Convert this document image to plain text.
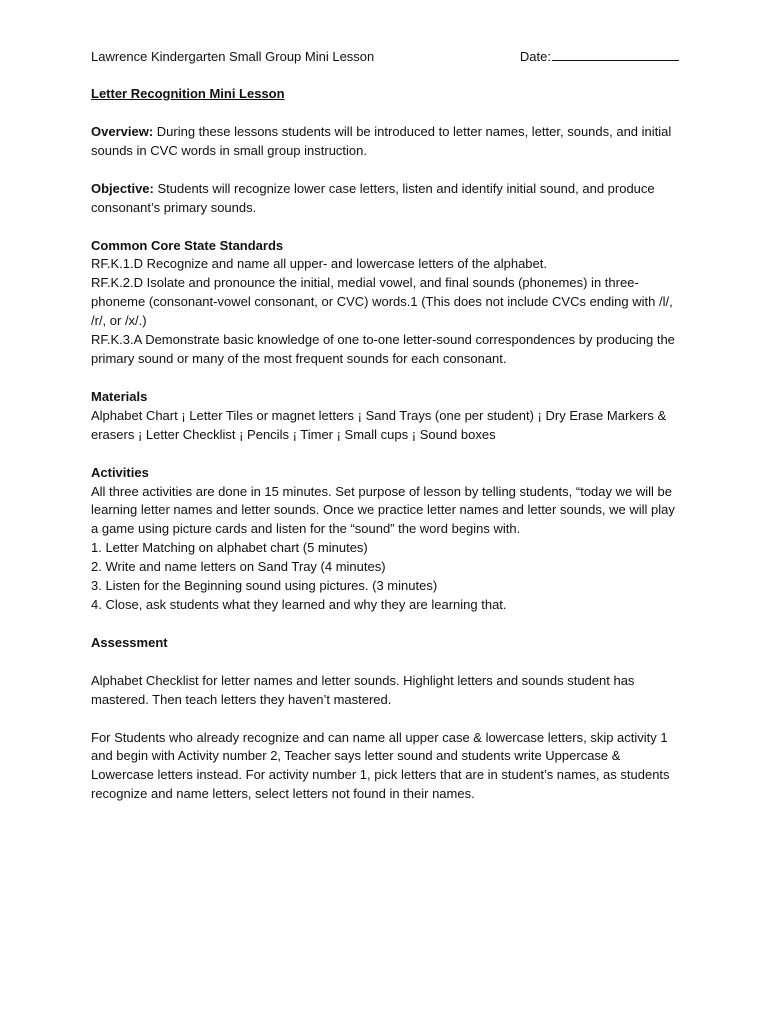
Lawrence Kindergarten Small Group Mini Lesson	Date:
Letter Recognition Mini Lesson

Overview: During these lessons students will be introduced to letter names, letter, sounds, and initial sounds in CVC words in small group instruction.

Objective: Students will recognize lower case letters, listen and identify initial sound, and produce consonant’s primary sounds.

Common Core State Standards

RF.K.1.D Recognize and name all upper- and lowercase letters of the alphabet.

RF.K.2.D Isolate and pronounce the initial, medial vowel, and final sounds (phonemes) in three-phoneme (consonant-vowel consonant, or CVC) words.1 (This does not include CVCs ending with /l/, /r/, or /x/.)

RF.K.3.A Demonstrate basic knowledge of one to-one letter-sound correspondences by producing the primary sound or many of the most frequent sounds for each consonant.

Materials

Alphabet Chart ¡ Letter Tiles or magnet letters ¡ Sand Trays (one per student) ¡ Dry Erase Markers & erasers ¡ Letter Checklist ¡ Pencils ¡ Timer ¡ Small cups ¡ Sound boxes

Activities

All three activities are done in 15 minutes. Set purpose of lesson by telling students, “today we will be learning letter names and letter sounds. Once we practice letter names and letter sounds, we will play a game using picture cards and listen for the “sound” the word begins with.

1. Letter Matching on alphabet chart (5 minutes)

2. Write and name letters on Sand Tray (4 minutes)

3. Listen for the Beginning sound using pictures. (3 minutes)

4. Close, ask students what they learned and why they are learning that.

Assessment

Alphabet Checklist for letter names and letter sounds. Highlight letters and sounds student has mastered. Then teach letters they haven’t mastered.

For Students who already recognize and can name all upper case & lowercase letters, skip activity 1 and begin with Activity number 2, Teacher says letter sound and students write Uppercase & Lowercase letters instead. For activity number 1, pick letters that are in student’s names, as students recognize and name letters, select letters not found in their names.
